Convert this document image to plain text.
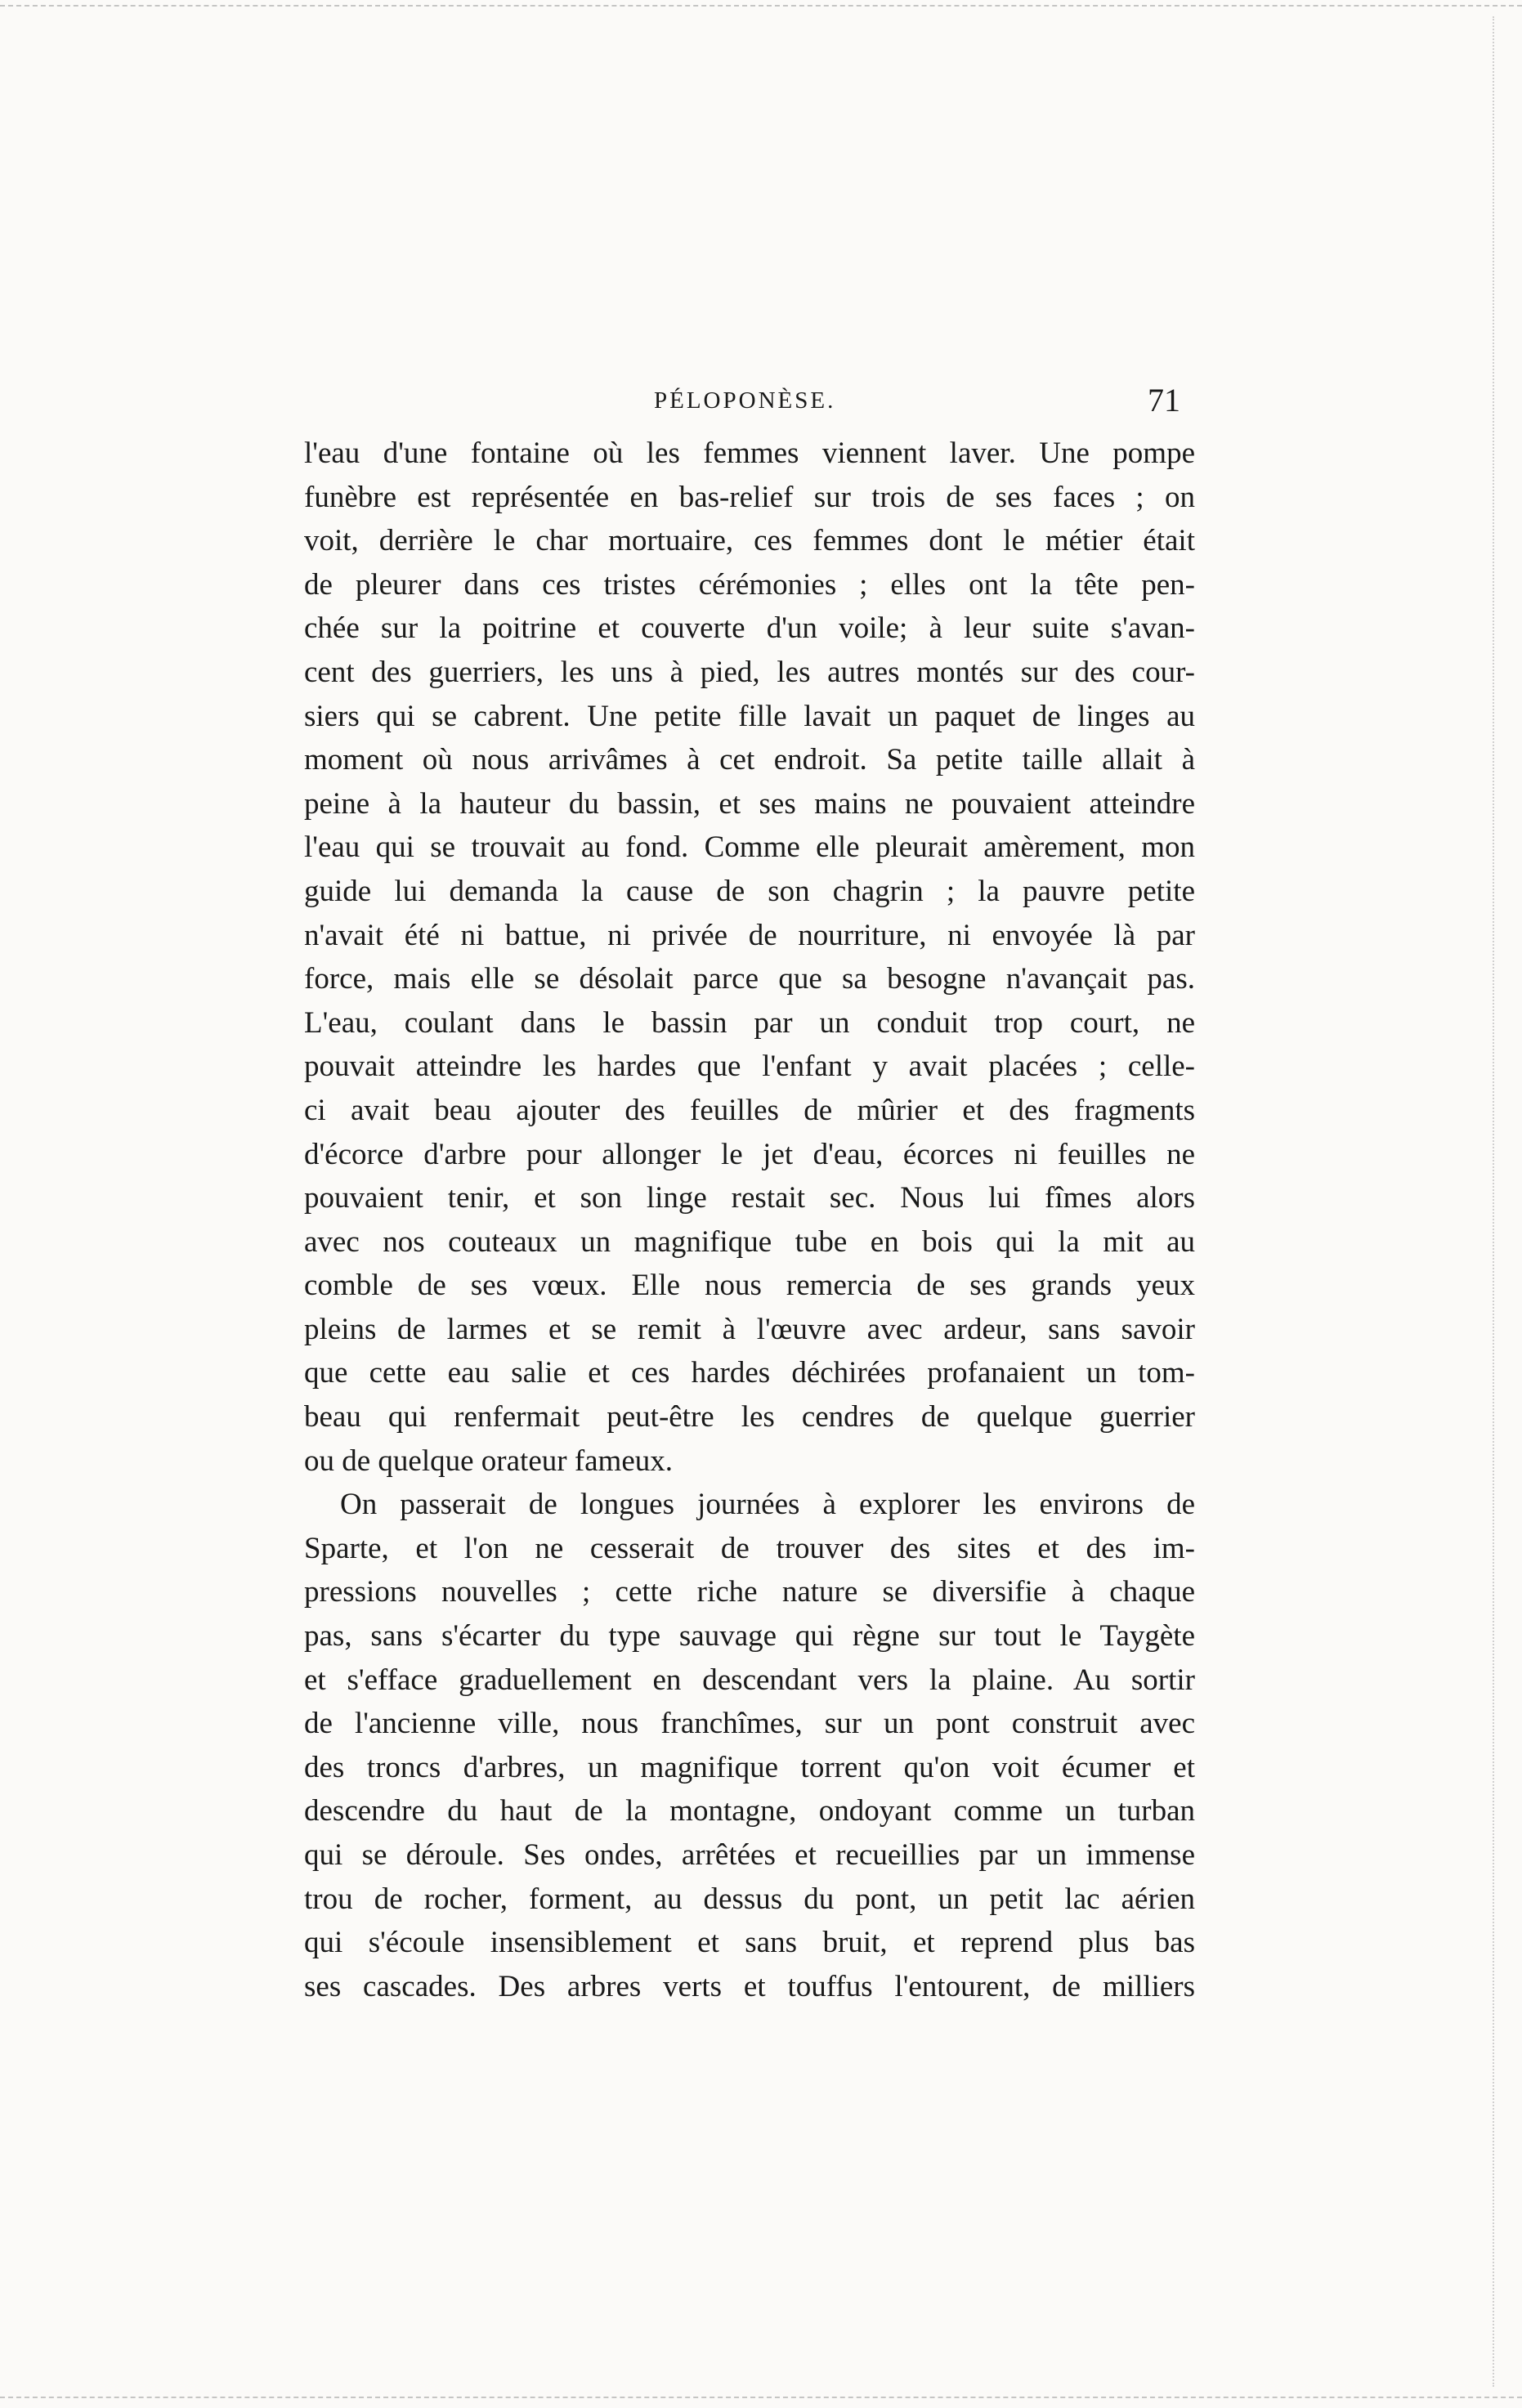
PÉLOPONÈSE.	71
l'eau d'une fontaine où les femmes viennent laver. Une pompe
funèbre est représentée en bas-relief sur trois de ses faces ; on
voit, derrière le char mortuaire, ces femmes dont le métier était
de pleurer dans ces tristes cérémonies ; elles ont la tête pen-
chée sur la poitrine et couverte d'un voile; à leur suite s'avan-
cent des guerriers, les uns à pied, les autres montés sur des cour-
siers qui se cabrent. Une petite fille lavait un paquet de linges au
moment où nous arrivâmes à cet endroit. Sa petite taille allait à
peine à la hauteur du bassin, et ses mains ne pouvaient atteindre
l'eau qui se trouvait au fond. Comme elle pleurait amèrement, mon
guide lui demanda la cause de son chagrin ; la pauvre petite
n'avait été ni battue, ni privée de nourriture, ni envoyée là par
force, mais elle se désolait parce que sa besogne n'avançait pas.
L'eau, coulant dans le bassin par un conduit trop court, ne
pouvait atteindre les hardes que l'enfant y avait placées ; celle-
ci avait beau ajouter des feuilles de mûrier et des fragments
d'écorce d'arbre pour allonger le jet d'eau, écorces ni feuilles ne
pouvaient tenir, et son linge restait sec. Nous lui fîmes alors
avec nos couteaux un magnifique tube en bois qui la mit au
comble de ses vœux. Elle nous remercia de ses grands yeux
pleins de larmes et se remit à l'œuvre avec ardeur, sans savoir
que cette eau salie et ces hardes déchirées profanaient un tom-
beau qui renfermait peut-être les cendres de quelque guerrier
ou de quelque orateur fameux.
On passerait de longues journées à explorer les environs de
Sparte, et l'on ne cesserait de trouver des sites et des im-
pressions nouvelles ; cette riche nature se diversifie à chaque
pas, sans s'écarter du type sauvage qui règne sur tout le Taygète
et s'efface graduellement en descendant vers la plaine. Au sortir
de l'ancienne ville, nous franchîmes, sur un pont construit avec
des troncs d'arbres, un magnifique torrent qu'on voit écumer et
descendre du haut de la montagne, ondoyant comme un turban
qui se déroule. Ses ondes, arrêtées et recueillies par un immense
trou de rocher, forment, au dessus du pont, un petit lac aérien
qui s'écoule insensiblement et sans bruit, et reprend plus bas
ses cascades. Des arbres verts et touffus l'entourent, de milliers
